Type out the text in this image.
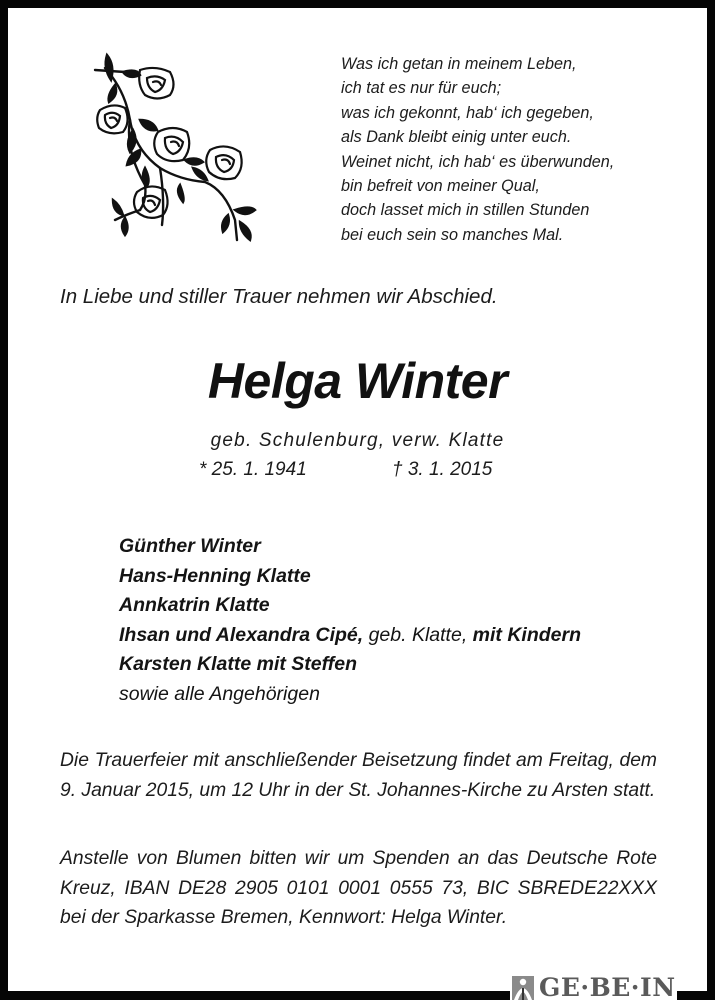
Was ich getan in meinem Leben,
ich tat es nur für euch;
was ich gekonnt, hab‘ ich gegeben,
als Dank bleibt einig unter euch.
Weinet nicht, ich hab‘ es überwunden,
bin befreit von meiner Qual,
doch lasset mich in stillen Stunden
bei euch sein so manches Mal.
In Liebe und stiller Trauer nehmen wir Abschied.
Helga Winter
geb. Schulenburg, verw. Klatte
* 25. 1. 1941	† 3. 1. 2015
Günther Winter
Hans-Henning Klatte
Annkatrin Klatte
Ihsan und Alexandra Cipé, geb. Klatte, mit Kindern
Karsten Klatte mit Steffen
sowie alle Angehörigen
Die Trauerfeier mit anschließender Beisetzung findet am Freitag, dem 9. Januar 2015, um 12 Uhr in der St. Johannes-Kirche zu Arsten statt.
Anstelle von Blumen bitten wir um Spenden an das Deutsche Rote Kreuz, IBAN DE28 2905 0101 0001 0555 73, BIC SBREDE22XXX bei der Sparkasse Bremen, Kennwort: Helga Winter.
GE·BE·IN
